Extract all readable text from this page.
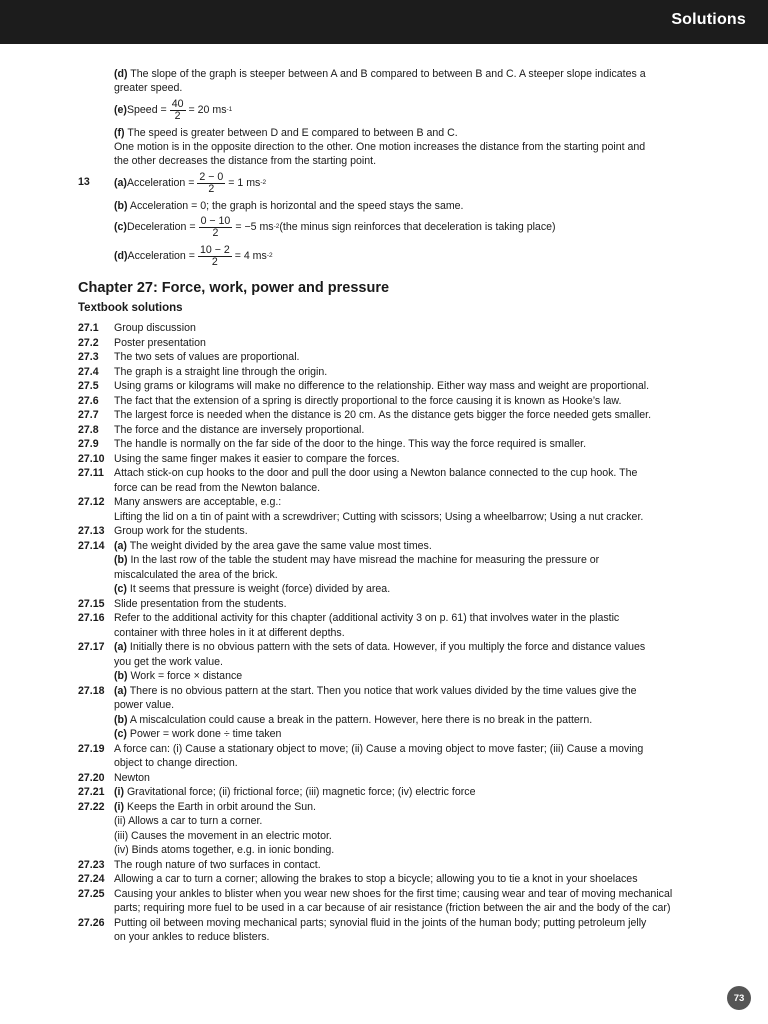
Solutions
(d) The slope of the graph is steeper between A and B compared to between B and C. A steeper slope indicates a
greater speed.
(e) Speed = $\frac{40}{2} = 20$ ms -1
(f) The speed is greater between D and E compared to between B and C.
One motion is in the opposite direction to the other. One motion increases the distance from the starting point and
the other decreases the distance from the starting point.
13 (a) Acceleration = $\frac{2 - 0}{2} = 1$ ms -2
(b) Acceleration = 0; the graph is horizontal and the speed stays the same.
(c) Deceleration = $\frac{0 - 10}{2} = -5$ ms -2 (the minus sign reinforces that deceleration is taking place)
(d) Acceleration = $\frac{10 - 2}{2} = 4$ ms -2
Chapter 27: Force, work, power and pressure
Textbook solutions
27.1 Group discussion
27.2 Poster presentation
27.3 The two sets of values are proportional.
27.4 The graph is a straight line through the origin.
27.5 Using grams or kilograms will make no difference to the relationship. Either way mass and weight are proportional.
27.6 The fact that the extension of a spring is directly proportional to the force causing it is known as Hooke’s law.
27.7 The largest force is needed when the distance is 20 cm. As the distance gets bigger the force needed gets smaller.
27.8 The force and the distance are inversely proportional.
27.9 The handle is normally on the far side of the door to the hinge. This way the force required is smaller.
27.10 Using the same finger makes it easier to compare the forces.
27.11 Attach stick-on cup hooks to the door and pull the door using a Newton balance connected to the cup hook. The
force can be read from the Newton balance.
27.12 Many answers are acceptable, e.g.:
Lifting the lid on a tin of paint with a screwdriver; Cutting with scissors; Using a wheelbarrow; Using a nut cracker.
27.13 Group work for the students.
27.14 (a) The weight divided by the area gave the same value most times.
(b) In the last row of the table the student may have misread the machine for measuring the pressure or
miscalculated the area of the brick.
(c) It seems that pressure is weight (force) divided by area.
27.15 Slide presentation from the students.
27.16 Refer to the additional activity for this chapter (additional activity 3 on p. 61) that involves water in the plastic
container with three holes in it at different depths.
27.17 (a) Initially there is no obvious pattern with the sets of data. However, if you multiply the force and distance values
you get the work value.
(b) Work = force × distance
27.18 (a) There is no obvious pattern at the start. Then you notice that work values divided by the time values give the
power value.
(b) A miscalculation could cause a break in the pattern. However, here there is no break in the pattern.
(c) Power = work done ÷ time taken
27.19 A force can: (i) Cause a stationary object to move; (ii) Cause a moving object to move faster; (iii) Cause a moving
object to change direction.
27.20 Newton
27.21 (i) Gravitational force; (ii) frictional force; (iii) magnetic force; (iv) electric force
27.22 (i) Keeps the Earth in orbit around the Sun.
(ii) Allows a car to turn a corner.
(iii) Causes the movement in an electric motor.
(iv) Binds atoms together, e.g. in ionic bonding.
27.23 The rough nature of two surfaces in contact.
27.24 Allowing a car to turn a corner; allowing the brakes to stop a bicycle; allowing you to tie a knot in your shoelaces
27.25 Causing your ankles to blister when you wear new shoes for the first time; causing wear and tear of moving mechanical
parts; requiring more fuel to be used in a car because of air resistance (friction between the air and the body of the car)
27.26 Putting oil between moving mechanical parts; synovial fluid in the joints of the human body; putting petroleum jelly
on your ankles to reduce blisters.
73
